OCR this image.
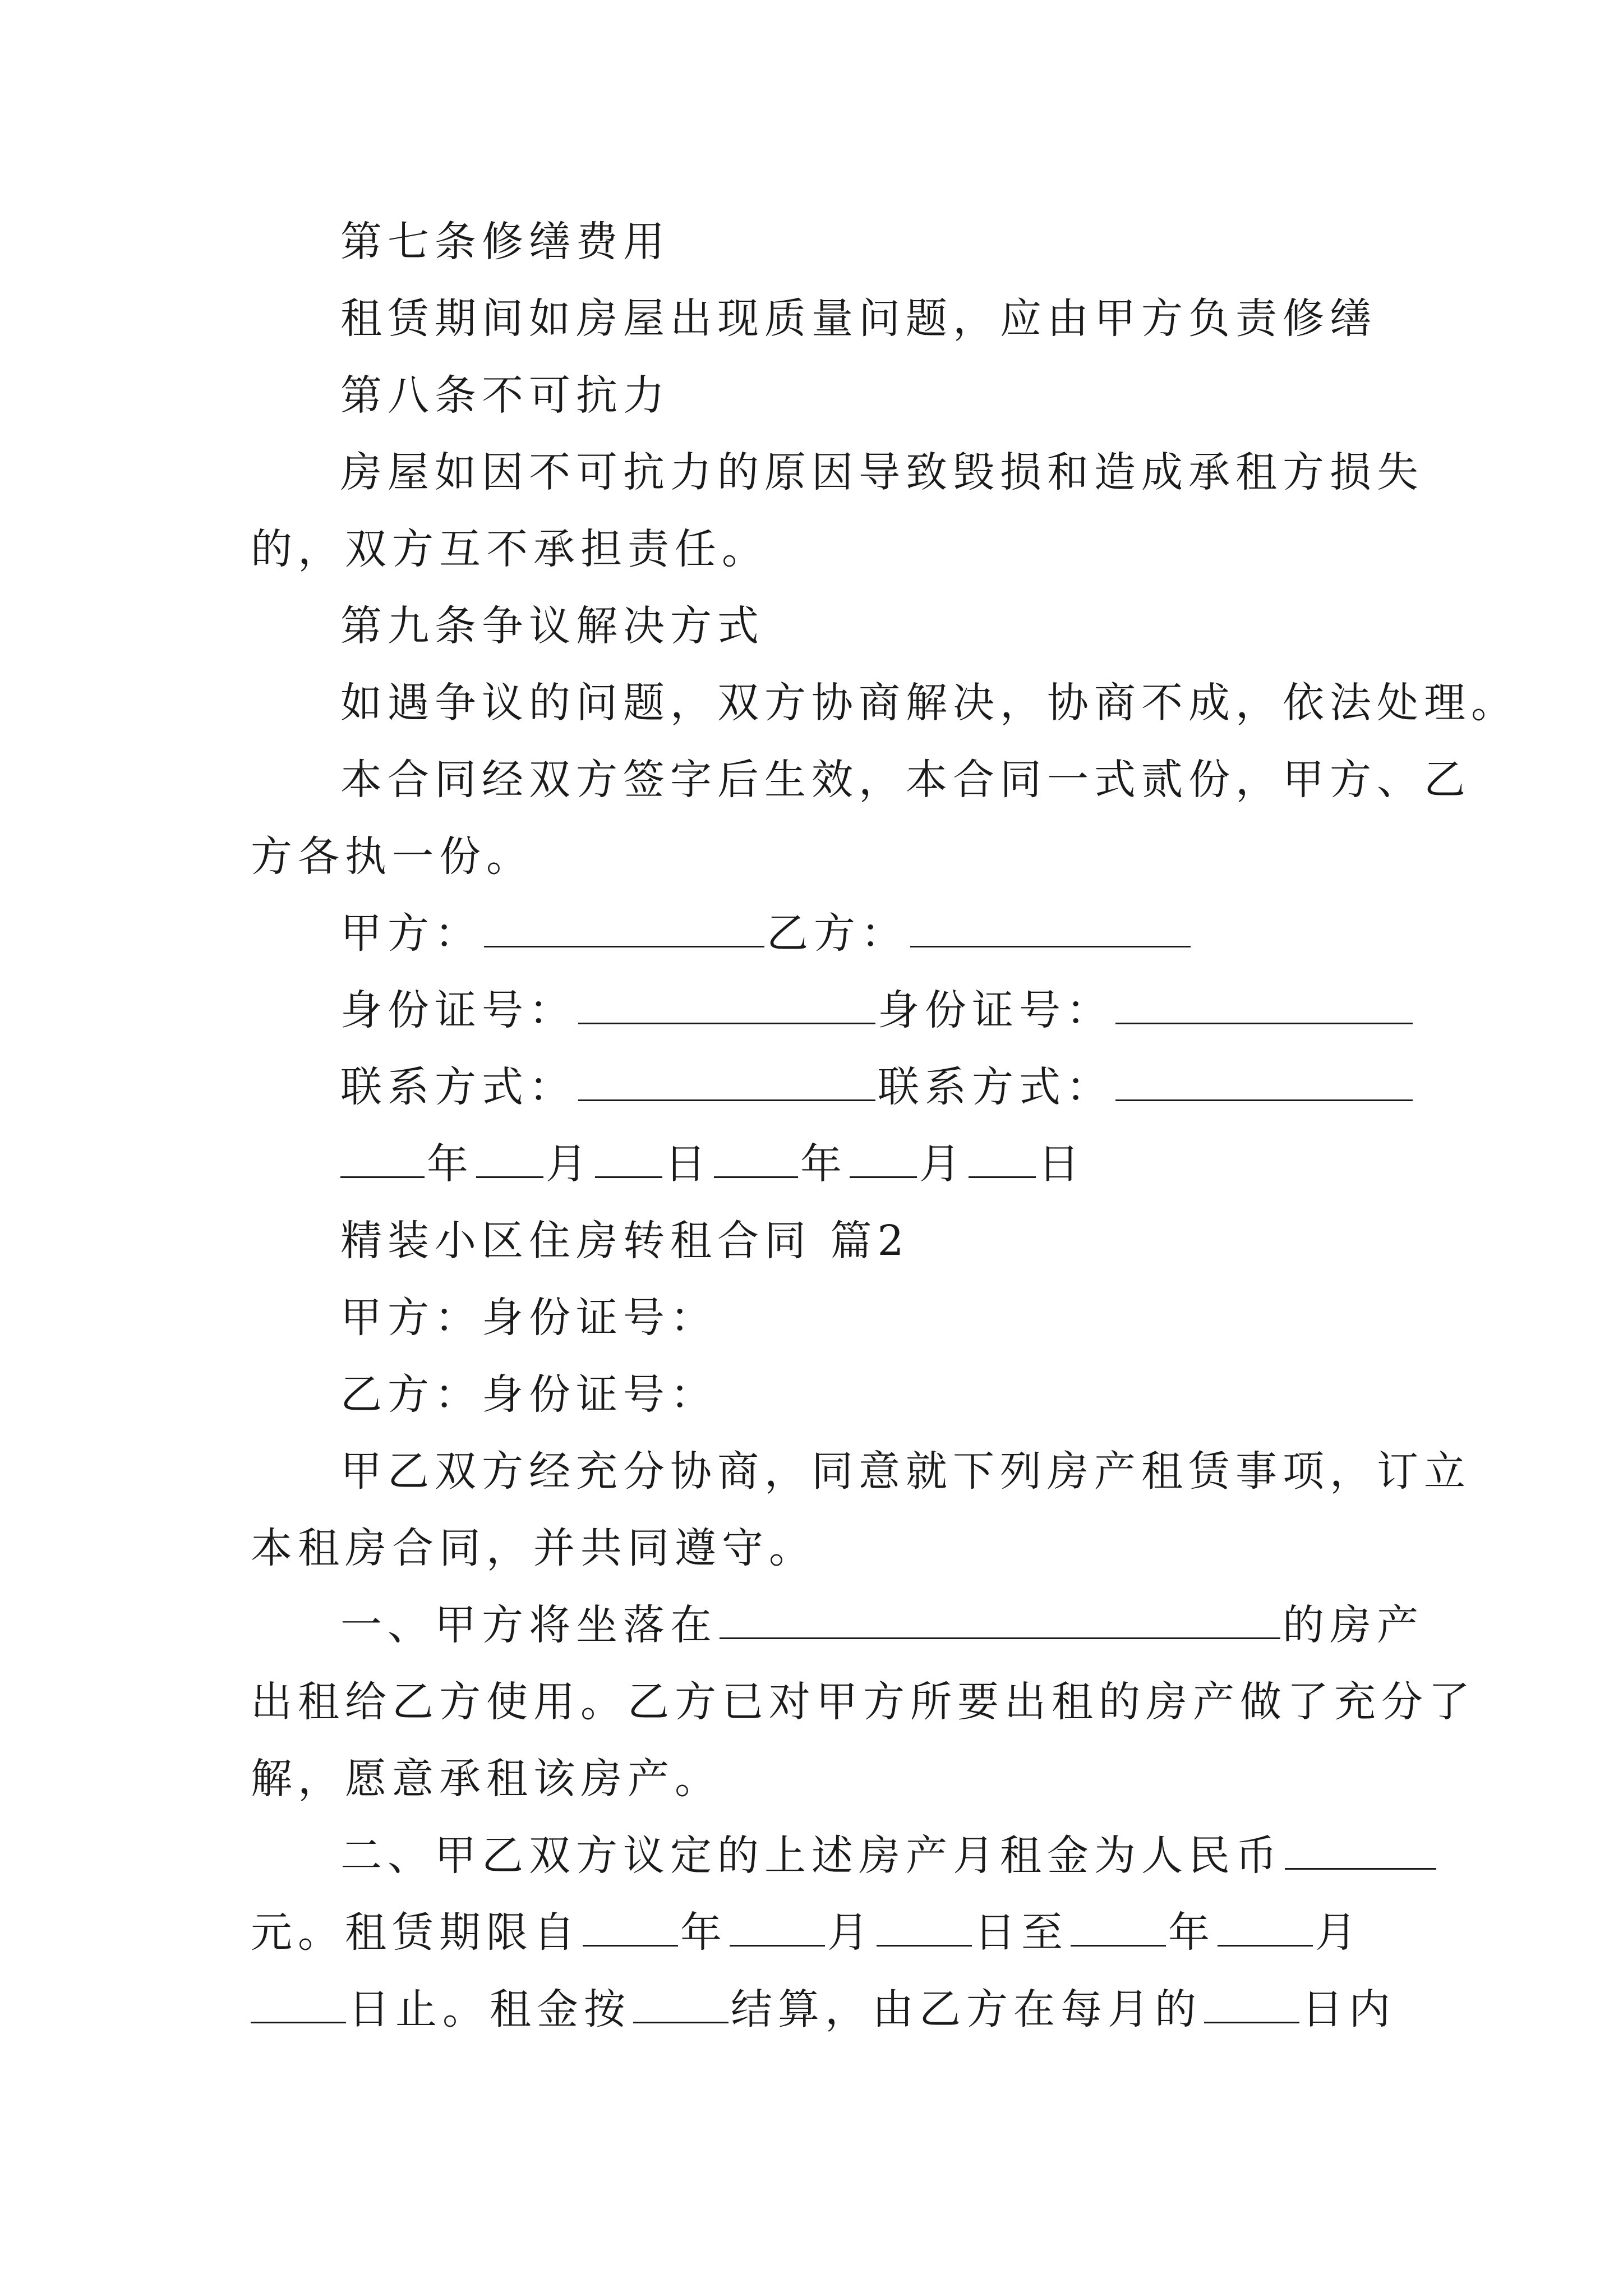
第七条修缮费用
租赁期间如房屋出现质量问题，应由甲方负责修缮
第八条不可抗力
房屋如因不可抗力的原因导致毁损和造成承租方损失
的，双方互不承担责任。
第九条争议解决方式
如遇争议的问题，双方协商解决，协商不成，依法处理。
本合同经双方签字后生效，本合同一式贰份，甲方、乙
方各执一份。
甲方：	乙方：
身份证号：	身份证号：
联系方式：	联系方式：
年 月 日 年 月 日
精装小区住房转租合同 篇2
甲方：身份证号：
乙方：身份证号：
甲乙双方经充分协商，同意就下列房产租赁事项，订立
本租房合同，并共同遵守。
一、甲方将坐落在	的房产
出租给乙方使用。乙方已对甲方所要出租的房产做了充分了
解，愿意承租该房产。
二、甲乙双方议定的上述房产月租金为人民币
元。租赁期限自 年 月 日至 年 月
日止。租金按 结算，由乙方在每月的 日内
